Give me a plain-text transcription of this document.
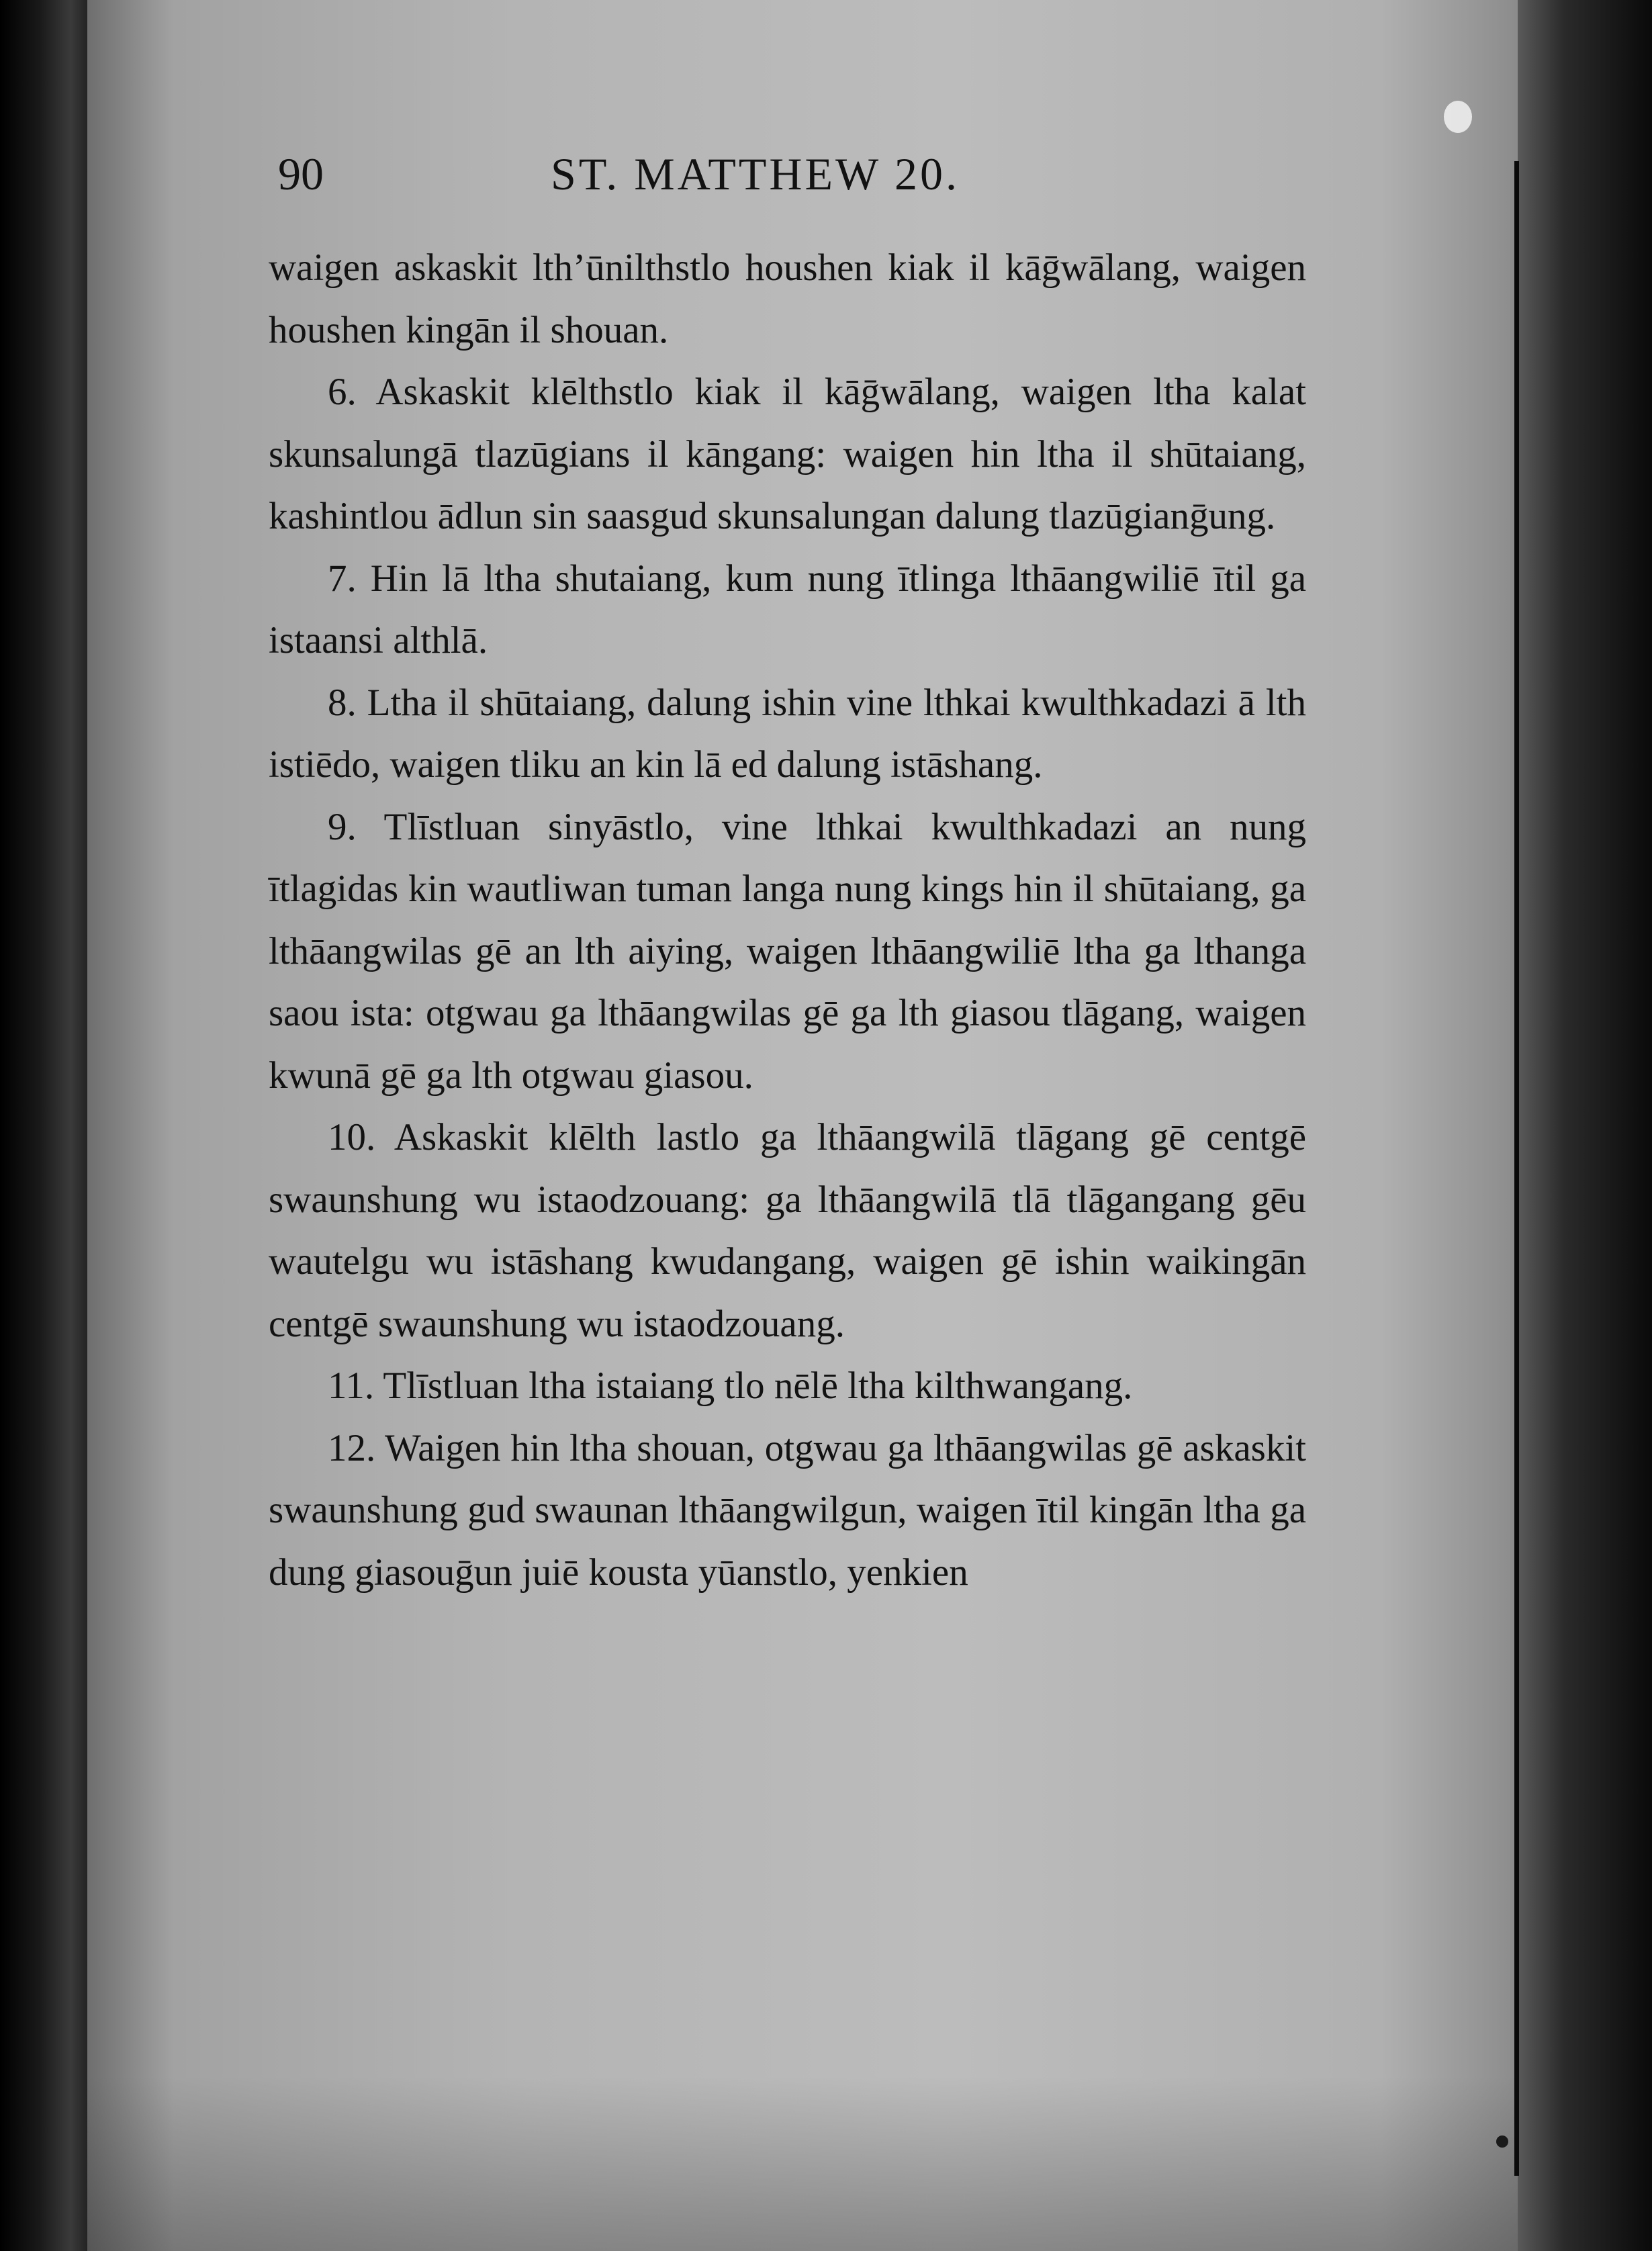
90	ST. MATTHEW 20.

waigen askaskit lth’ūnilthstlo houshen kiak il kāḡwālang, waigen houshen kingān il shouan.

6. Askaskit klēlthstlo kiak il kāḡwālang, waigen ltha kalat skunsalungā tlazūgians il kāngang: waigen hin ltha il shūtaiang, kashintlou ādlun sin saasgud skunsalungan dalung tlazūgianḡung.

7. Hin lā ltha shutaiang, kum nung ītlinga lthāangwiliē ītil ga istaansi althlā.

8. Ltha il shūtaiang, dalung ishin vine lthkai kwulthkadazi ā lth istiēdo, waigen tliku an kin lā ed dalung istāshang.

9. Tlīstluan sinyāstlo, vine lthkai kwulthkadazi an nung ītlagidas kin wautliwan tuman langa nung kings hin il shūtaiang, ga lthāangwilas gē an lth aiying, waigen lthāangwiliē ltha ga lthanga saou ista: otgwau ga lthāangwilas gē ga lth giasou tlāgang, waigen kwunā gē ga lth otgwau giasou.

10. Askaskit klēlth lastlo ga lthāangwilā tlāgang gē centgē swaunshung wu istaodzouang: ga lthāangwilā tlā tlāgangang gēu wautelgu wu istāshang kwudangang, waigen gē ishin waikingān centgē swaunshung wu istaodzouang.

11. Tlīstluan ltha istaiang tlo nēlē ltha kilthwangang.

12. Waigen hin ltha shouan, otgwau ga lthāangwilas gē askaskit swaunshung gud swaunan lthāangwilgun, waigen ītil kingān ltha ga dung giasouḡun juiē kousta yūanstlo, yenkien
